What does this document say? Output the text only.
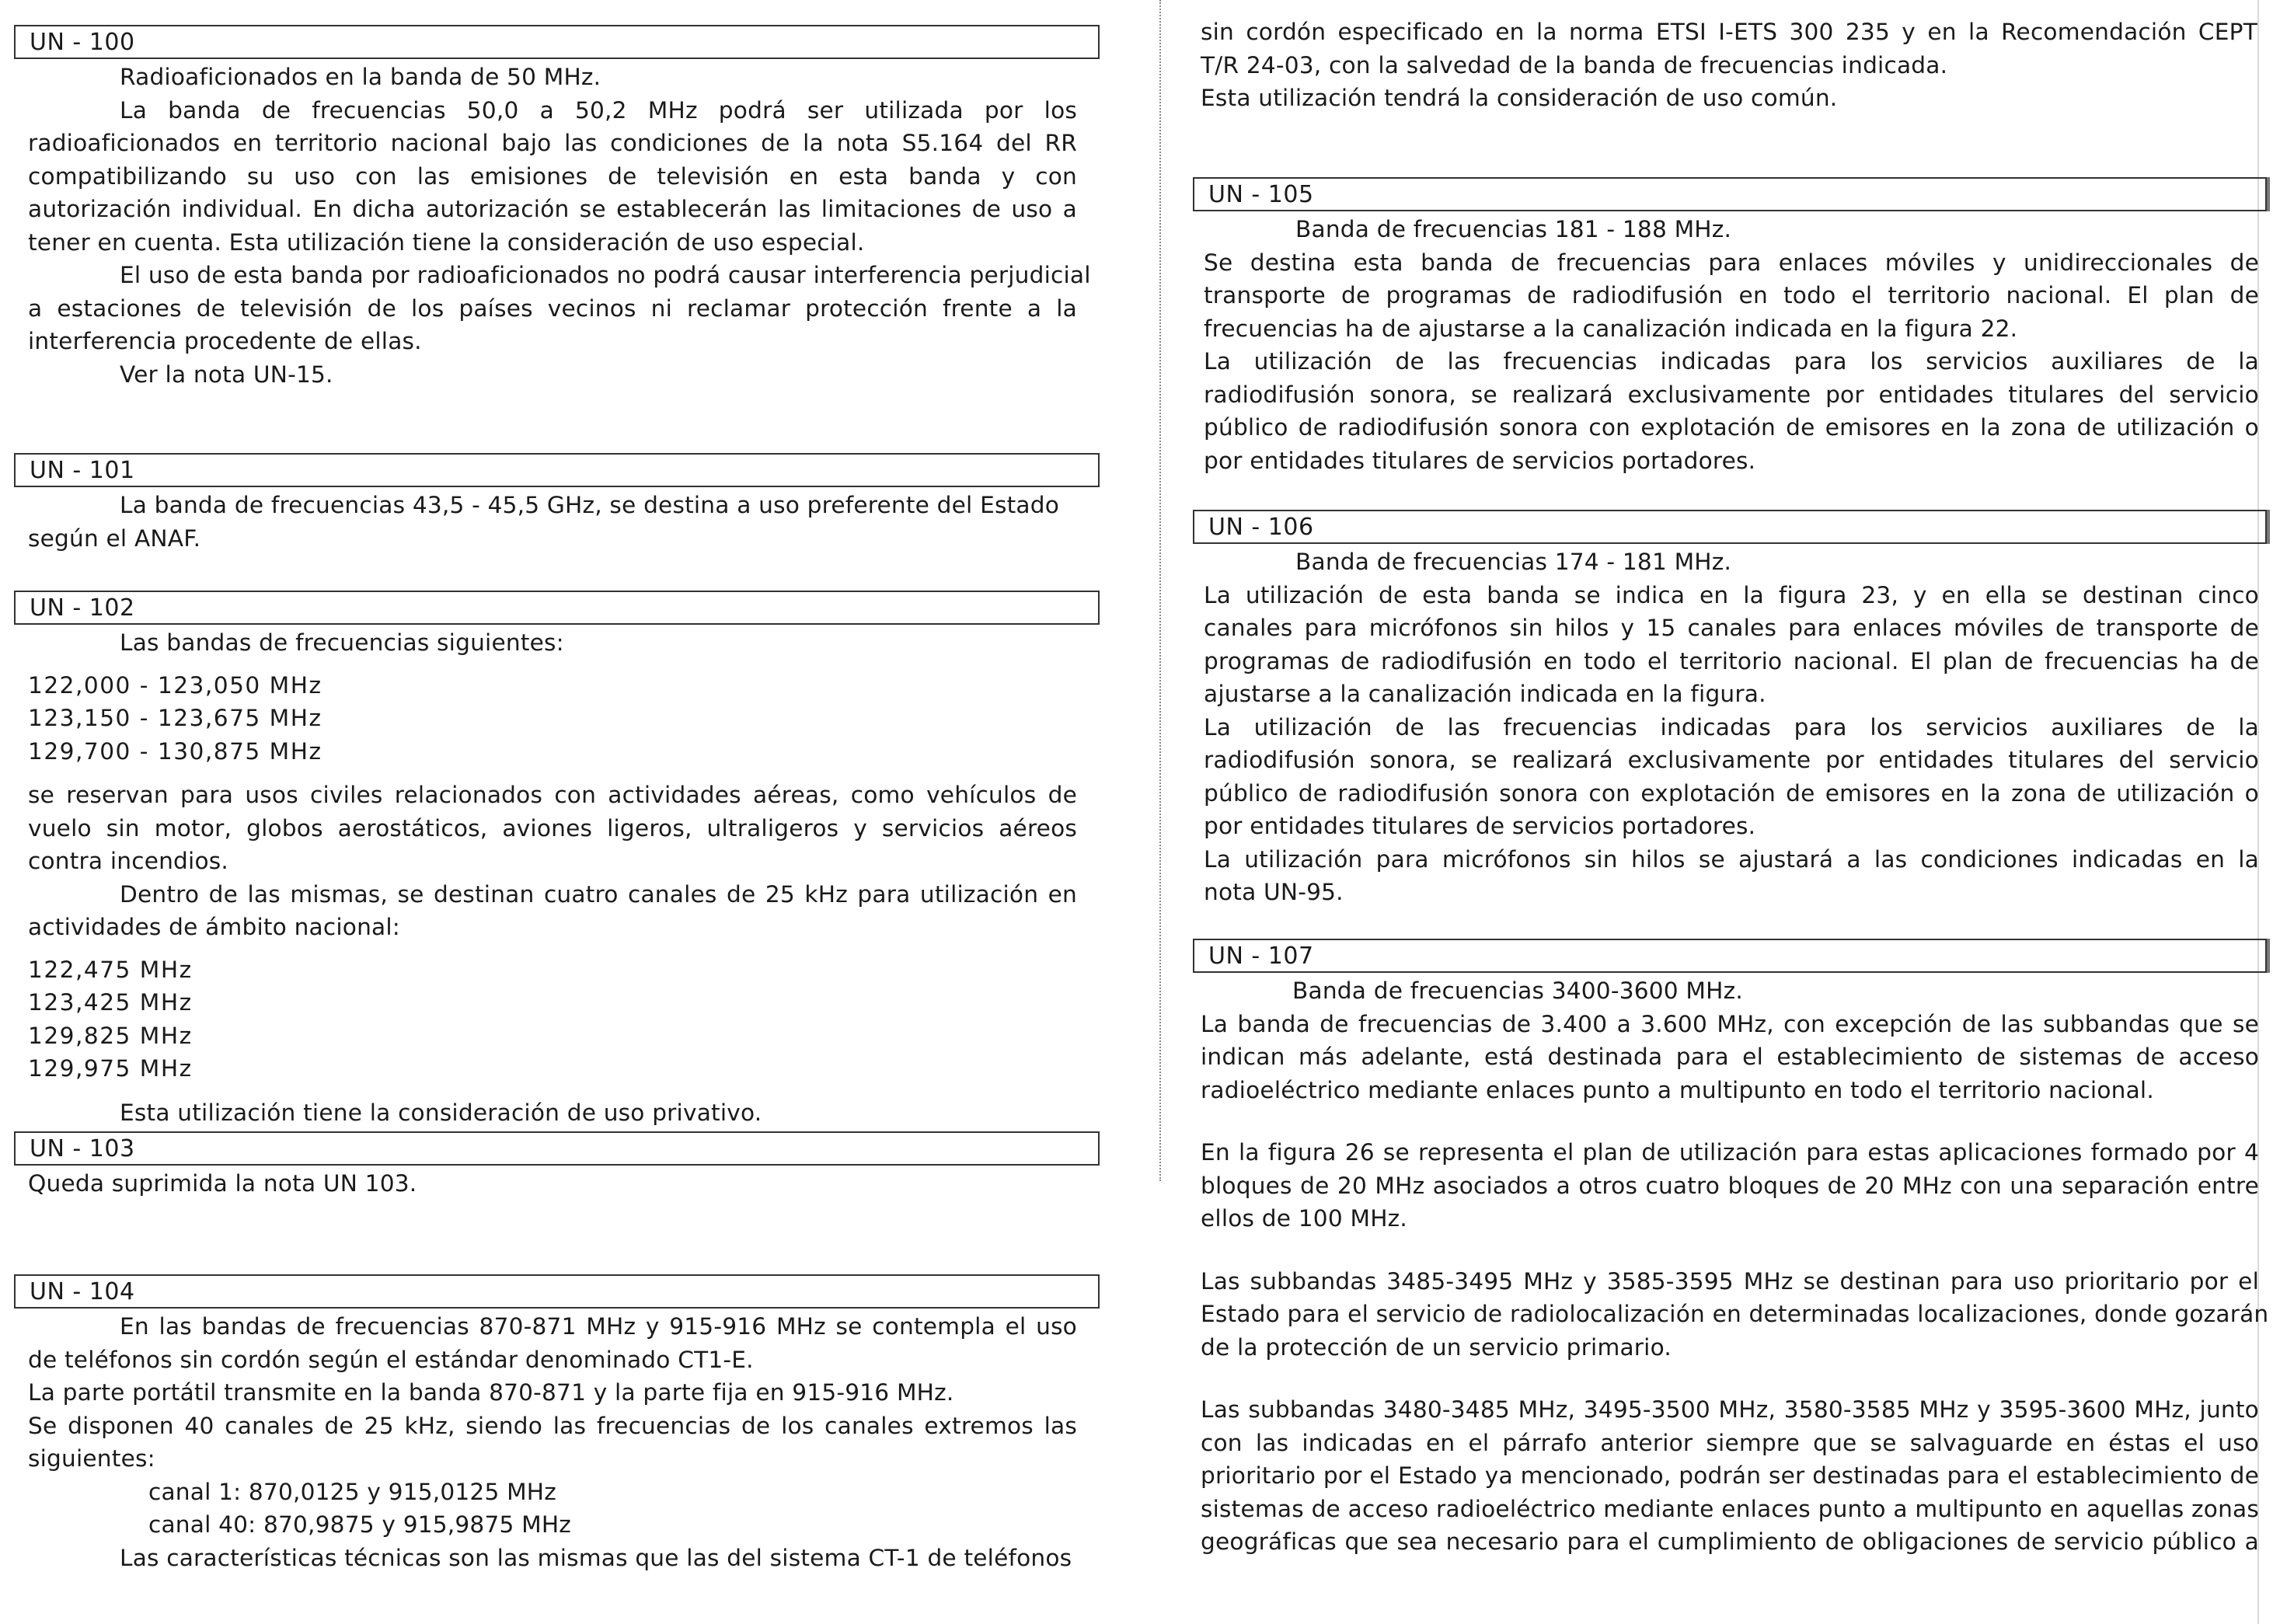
UN - 100
Radioaficionados en la banda de 50 MHz.
La banda de frecuencias 50,0 a 50,2 MHz podrá ser utilizada por los
radioaficionados en territorio nacional bajo las condiciones de la nota S5.164 del RR
compatibilizando su uso con las emisiones de televisión en esta banda y con
autorización individual. En dicha autorización se establecerán las limitaciones de uso a
tener en cuenta. Esta utilización tiene la consideración de uso especial.
El uso de esta banda por radioaficionados no podrá causar interferencia perjudicial
a estaciones de televisión de los países vecinos ni reclamar protección frente a la
interferencia procedente de ellas.
Ver la nota UN-15.
UN - 101
La banda de frecuencias 43,5 - 45,5 GHz, se destina a uso preferente del Estado
según el ANAF.
UN - 102
Las bandas de frecuencias siguientes:
122,000 - 123,050 MHz
123,150 - 123,675 MHz
129,700 - 130,875 MHz
se reservan para usos civiles relacionados con actividades aéreas, como vehículos de
vuelo sin motor, globos aerostáticos, aviones ligeros, ultraligeros y servicios aéreos
contra incendios.
Dentro de las mismas, se destinan cuatro canales de 25 kHz para utilización en
actividades de ámbito nacional:
122,475 MHz
123,425 MHz
129,825 MHz
129,975 MHz
Esta utilización tiene la consideración de uso privativo.
UN - 103
Queda suprimida la nota UN 103.
UN - 104
En las bandas de frecuencias 870-871 MHz y 915-916 MHz se contempla el uso
de teléfonos sin cordón según el estándar denominado CT1-E.
La parte portátil transmite en la banda 870-871 y la parte fija en 915-916 MHz.
Se disponen 40 canales de 25 kHz, siendo las frecuencias de los canales extremos las
siguientes:
canal 1: 870,0125 y 915,0125 MHz
canal 40: 870,9875 y 915,9875 MHz
Las características técnicas son las mismas que las del sistema CT-1 de teléfonos
sin cordón especificado en la norma ETSI I-ETS 300 235 y en la Recomendación CEPT
T/R 24-03, con la salvedad de la banda de frecuencias indicada.
Esta utilización tendrá la consideración de uso común.
UN - 105
Banda de frecuencias 181 - 188 MHz.
Se destina esta banda de frecuencias para enlaces móviles y unidireccionales de
transporte de programas de radiodifusión en todo el territorio nacional. El plan de
frecuencias ha de ajustarse a la canalización indicada en la figura 22.
La utilización de las frecuencias indicadas para los servicios auxiliares de la
radiodifusión sonora, se realizará exclusivamente por entidades titulares del servicio
público de radiodifusión sonora con explotación de emisores en la zona de utilización o
por entidades titulares de servicios portadores.
UN - 106
Banda de frecuencias 174 - 181 MHz.
La utilización de esta banda se indica en la figura 23, y en ella se destinan cinco
canales para micrófonos sin hilos y 15 canales para enlaces móviles de transporte de
programas de radiodifusión en todo el territorio nacional. El plan de frecuencias ha de
ajustarse a la canalización indicada en la figura.
La utilización de las frecuencias indicadas para los servicios auxiliares de la
radiodifusión sonora, se realizará exclusivamente por entidades titulares del servicio
público de radiodifusión sonora con explotación de emisores en la zona de utilización o
por entidades titulares de servicios portadores.
La utilización para micrófonos sin hilos se ajustará a las condiciones indicadas en la
nota UN-95.
UN - 107
Banda de frecuencias 3400-3600 MHz.
La banda de frecuencias de 3.400 a 3.600 MHz, con excepción de las subbandas que se
indican más adelante, está destinada para el establecimiento de sistemas de acceso
radioeléctrico mediante enlaces punto a multipunto en todo el territorio nacional.
En la figura 26 se representa el plan de utilización para estas aplicaciones formado por 4
bloques de 20 MHz asociados a otros cuatro bloques de 20 MHz con una separación entre
ellos de 100 MHz.
Las subbandas 3485-3495 MHz y 3585-3595 MHz se destinan para uso prioritario por el
Estado para el servicio de radiolocalización en determinadas localizaciones, donde gozarán
de la protección de un servicio primario.
Las subbandas 3480-3485 MHz, 3495-3500 MHz, 3580-3585 MHz y 3595-3600 MHz, junto
con las indicadas en el párrafo anterior siempre que se salvaguarde en éstas el uso
prioritario por el Estado ya mencionado, podrán ser destinadas para el establecimiento de
sistemas de acceso radioeléctrico mediante enlaces punto a multipunto en aquellas zonas
geográficas que sea necesario para el cumplimiento de obligaciones de servicio público a
